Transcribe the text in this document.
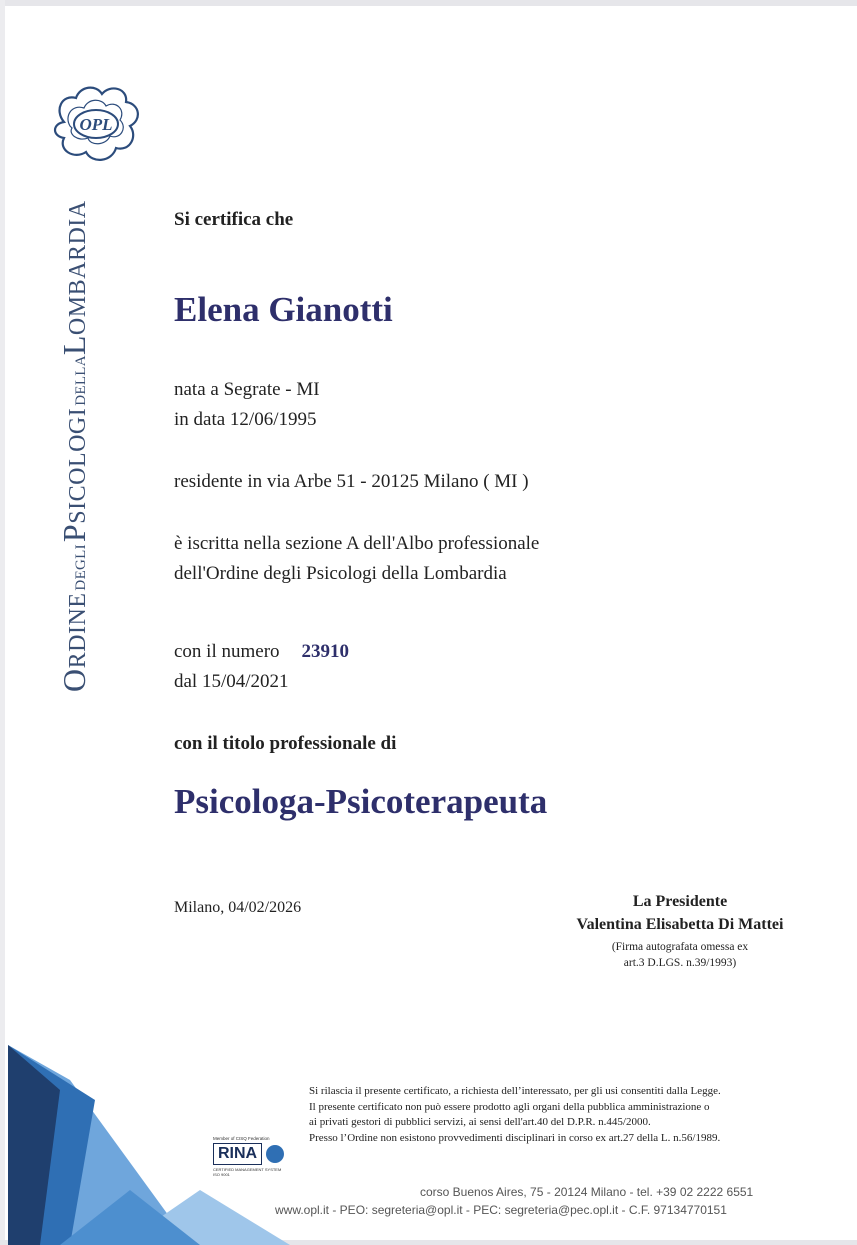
OPL
O
RDINE
DEGLI
P
SICOLOGI
DELLA
L
OMBARDIA	Si certifica che
Elena Gianotti
nata a Segrate - MI
in data 12/06/1995
residente in via Arbe 51 - 20125 Milano ( MI )
è iscritta nella sezione A dell'Albo professionale
dell'Ordine degli Psicologi della Lombardia
con il numero 23910
dal 15/04/2021
con il titolo professionale di
Psicologa-Psicoterapeuta
Milano, 04/02/2026	La Presidente
Valentina Elisabetta Di Mattei
(Firma autografata omessa ex
art.3 D.LGS. n.39/1993)
Member of CISQ Federation
RINA
CERTIFIED MANAGEMENT SYSTEM
ISO 9001
Si rilascia il presente certificato, a richiesta dell’interessato, per gli usi consentiti dalla Legge.
Il presente certificato non può essere prodotto agli organi della pubblica amministrazione o
ai privati gestori di pubblici servizi, ai sensi dell'art.40 del D.P.R. n.445/2000.
Presso l’Ordine non esistono provvedimenti disciplinari in corso ex art.27 della L. n.56/1989.
corso Buenos Aires, 75 - 20124 Milano - tel. +39 02 2222 6551
www.opl.it - PEO: segreteria@opl.it - PEC: segreteria@pec.opl.it - C.F. 97134770151
